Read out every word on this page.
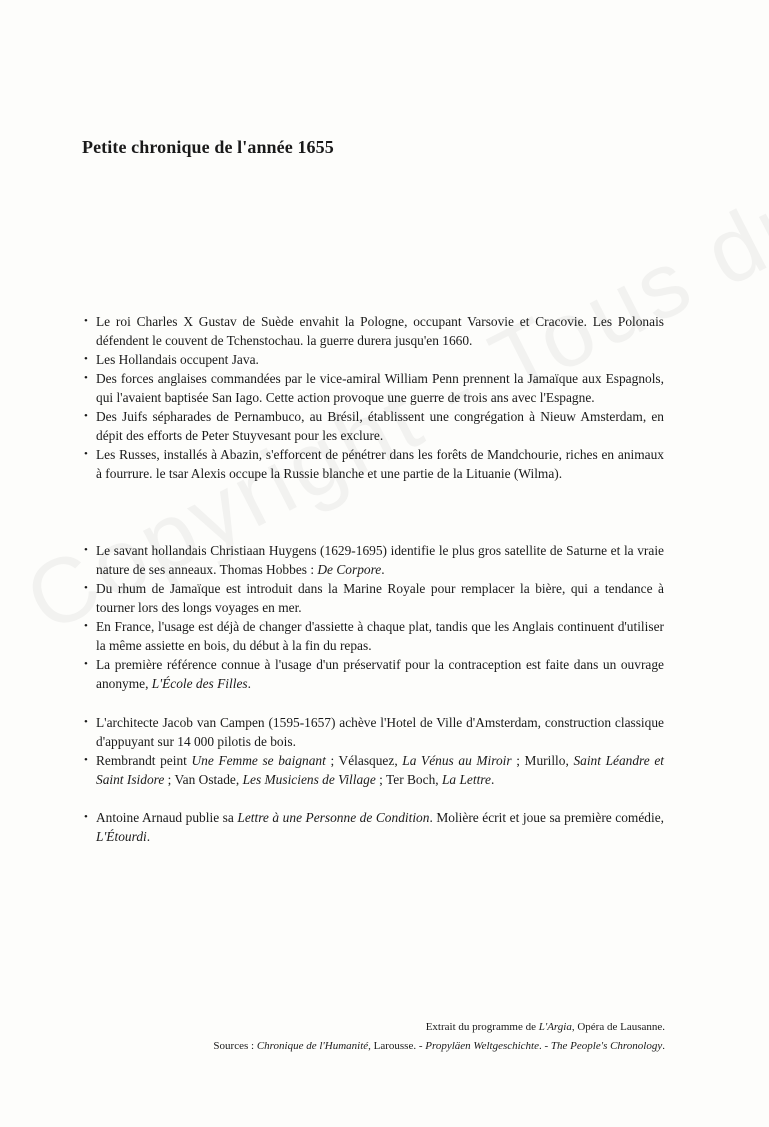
Petite chronique de l'année 1655
• Le roi Charles X Gustav de Suède envahit la Pologne, occupant Varsovie et Cracovie. Les Polonais défendent le couvent de Tchenstochau. la guerre durera jusqu'en 1660.
• Les Hollandais occupent Java.
• Des forces anglaises commandées par le vice-amiral William Penn prennent la Jamaïque aux Espagnols, qui l'avaient baptisée San Iago. Cette action provoque une guerre de trois ans avec l'Espagne.
• Des Juifs sépharades de Pernambuco, au Brésil, établissent une congrégation à Nieuw Amsterdam, en dépit des efforts de Peter Stuyvesant pour les exclure.
• Les Russes, installés à Abazin, s'efforcent de pénétrer dans les forêts de Mandchourie, riches en animaux à fourrure. le tsar Alexis occupe la Russie blanche et une partie de la Lituanie (Wilma).
• Le savant hollandais Christiaan Huygens (1629-1695) identifie le plus gros satellite de Saturne et la vraie nature de ses anneaux. Thomas Hobbes : De Corpore.
• Du rhum de Jamaïque est introduit dans la Marine Royale pour remplacer la bière, qui a tendance à tourner lors des longs voyages en mer.
• En France, l'usage est déjà de changer d'assiette à chaque plat, tandis que les Anglais continuent d'utiliser la même assiette en bois, du début à la fin du repas.
• La première référence connue à l'usage d'un préservatif pour la contraception est faite dans un ouvrage anonyme, L'École des Filles.
• L'architecte Jacob van Campen (1595-1657) achève l'Hotel de Ville d'Amsterdam, construction classique d'appuyant sur 14 000 pilotis de bois.
• Rembrandt peint Une Femme se baignant ; Vélasquez, La Vénus au Miroir ; Murillo, Saint Léandre et Saint Isidore ; Van Ostade, Les Musiciens de Village ; Ter Boch, La Lettre.
• Antoine Arnaud publie sa Lettre à une Personne de Condition. Molière écrit et joue sa première comédie, L'Étourdi.
Extrait du programme de L'Argia, Opéra de Lausanne.
Sources : Chronique de l'Humanité, Larousse. - Propyläen Weltgeschichte. - The People's Chronology.
